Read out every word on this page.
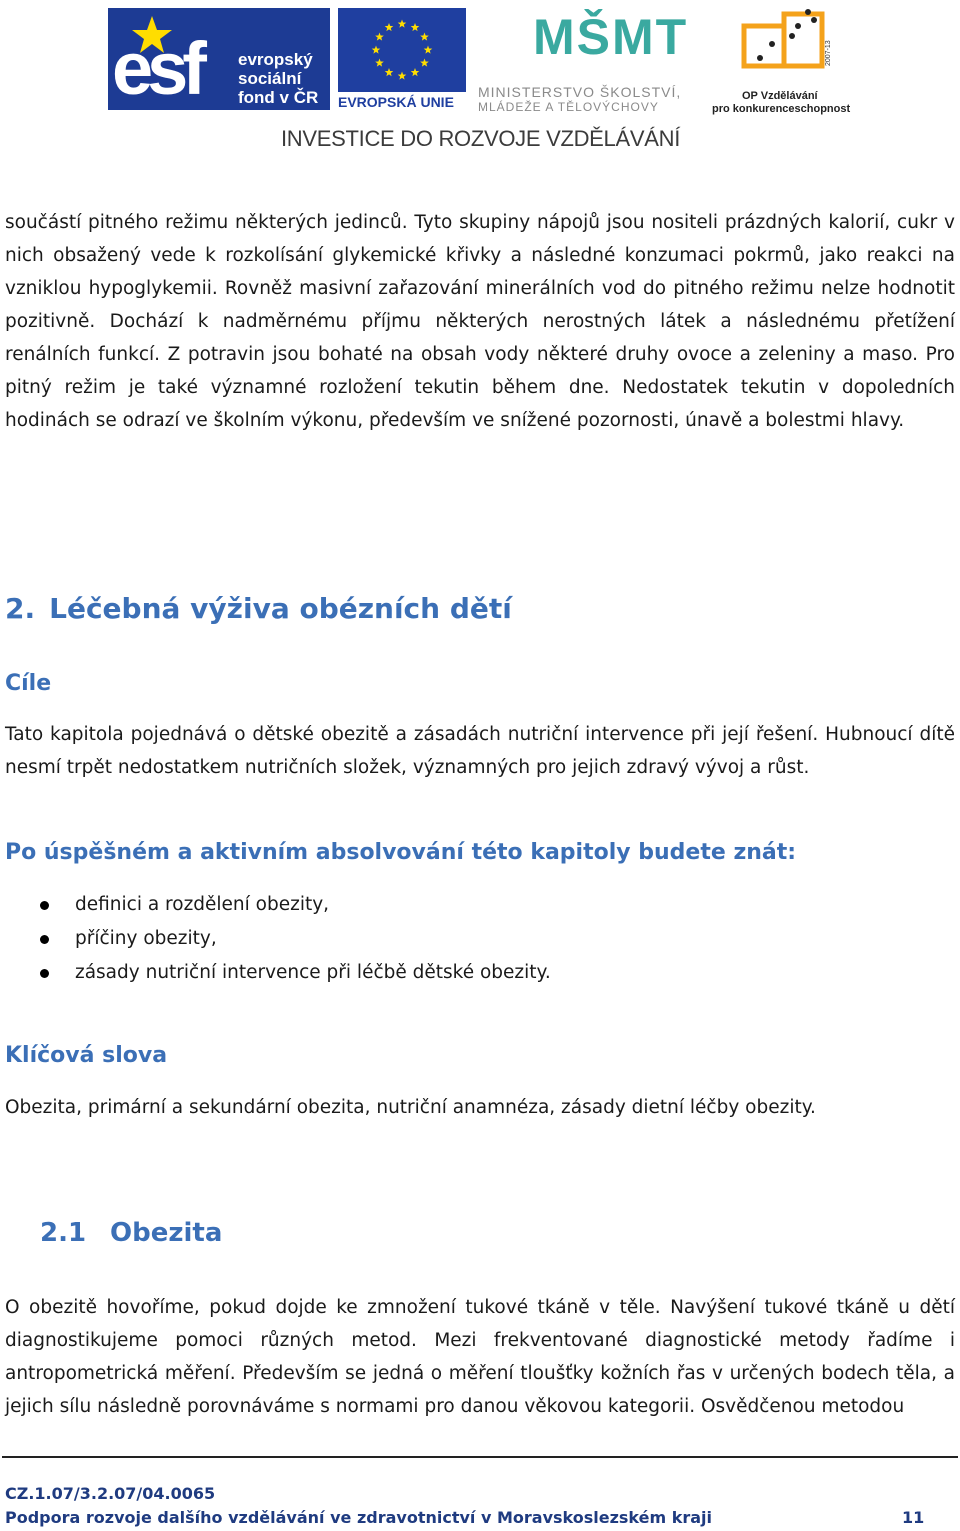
esf evropský
sociální
fond v ČR EVROPSKÁ UNIE
MŠMT
MINISTERSTVO ŠKOLSTVÍ,
MLÁDEŽE A TĚLOVÝCHOVY
2007-13
OP Vzdělávání
pro konkurenceschopnost
INVESTICE DO ROZVOJE VZDĚLÁVÁNÍ

součástí pitného režimu některých jedinců. Tyto skupiny nápojů jsou nositeli prázdných kalorií, cukr v nich obsažený vede k rozkolísání glykemické křivky a následné konzumaci pokrmů, jako reakci na vzniklou hypoglykemii. Rovněž masivní zařazování minerálních vod do pitného režimu nelze hodnotit pozitivně. Dochází k nadměrnému příjmu některých nerostných látek a následnému přetížení renálních funkcí. Z potravin jsou bohaté na obsah vody některé druhy ovoce a zeleniny a maso. Pro pitný režim je také významné rozložení tekutin během dne. Nedostatek tekutin v dopoledních hodinách se odrazí ve školním výkonu, především ve snížené pozornosti, únavě a bolestmi hlavy.

2. Léčebná výživa obézních dětí
Cíle

Tato kapitola pojednává o dětské obezitě a zásadách nutriční intervence při její řešení. Hubnoucí dítě nesmí trpět nedostatkem nutričních složek, významných pro jejich zdravý vývoj a růst.

Po úspěšném a aktivním absolvování této kapitoly budete znát:
definici a rozdělení obezity,
příčiny obezity,
zásady nutriční intervence při léčbě dětské obezity.
Klíčová slova

Obezita, primární a sekundární obezita, nutriční anamnéza, zásady dietní léčby obezity.

2.1 Obezita

O obezitě hovoříme, pokud dojde ke zmnožení tukové tkáně v těle. Navýšení tukové tkáně u dětí diagnostikujeme pomoci různých metod. Mezi frekventované diagnostické metody řadíme i antropometrická měření. Především se jedná o měření tloušťky kožních řas v určených bodech těla, a jejich sílu následně porovnáváme s normami pro danou věkovou kategorii. Osvědčenou metodou

CZ.1.07/3.2.07/04.0065
Podpora rozvoje dalšího vzdělávání ve zdravotnictví v Moravskoslezském kraji	11
